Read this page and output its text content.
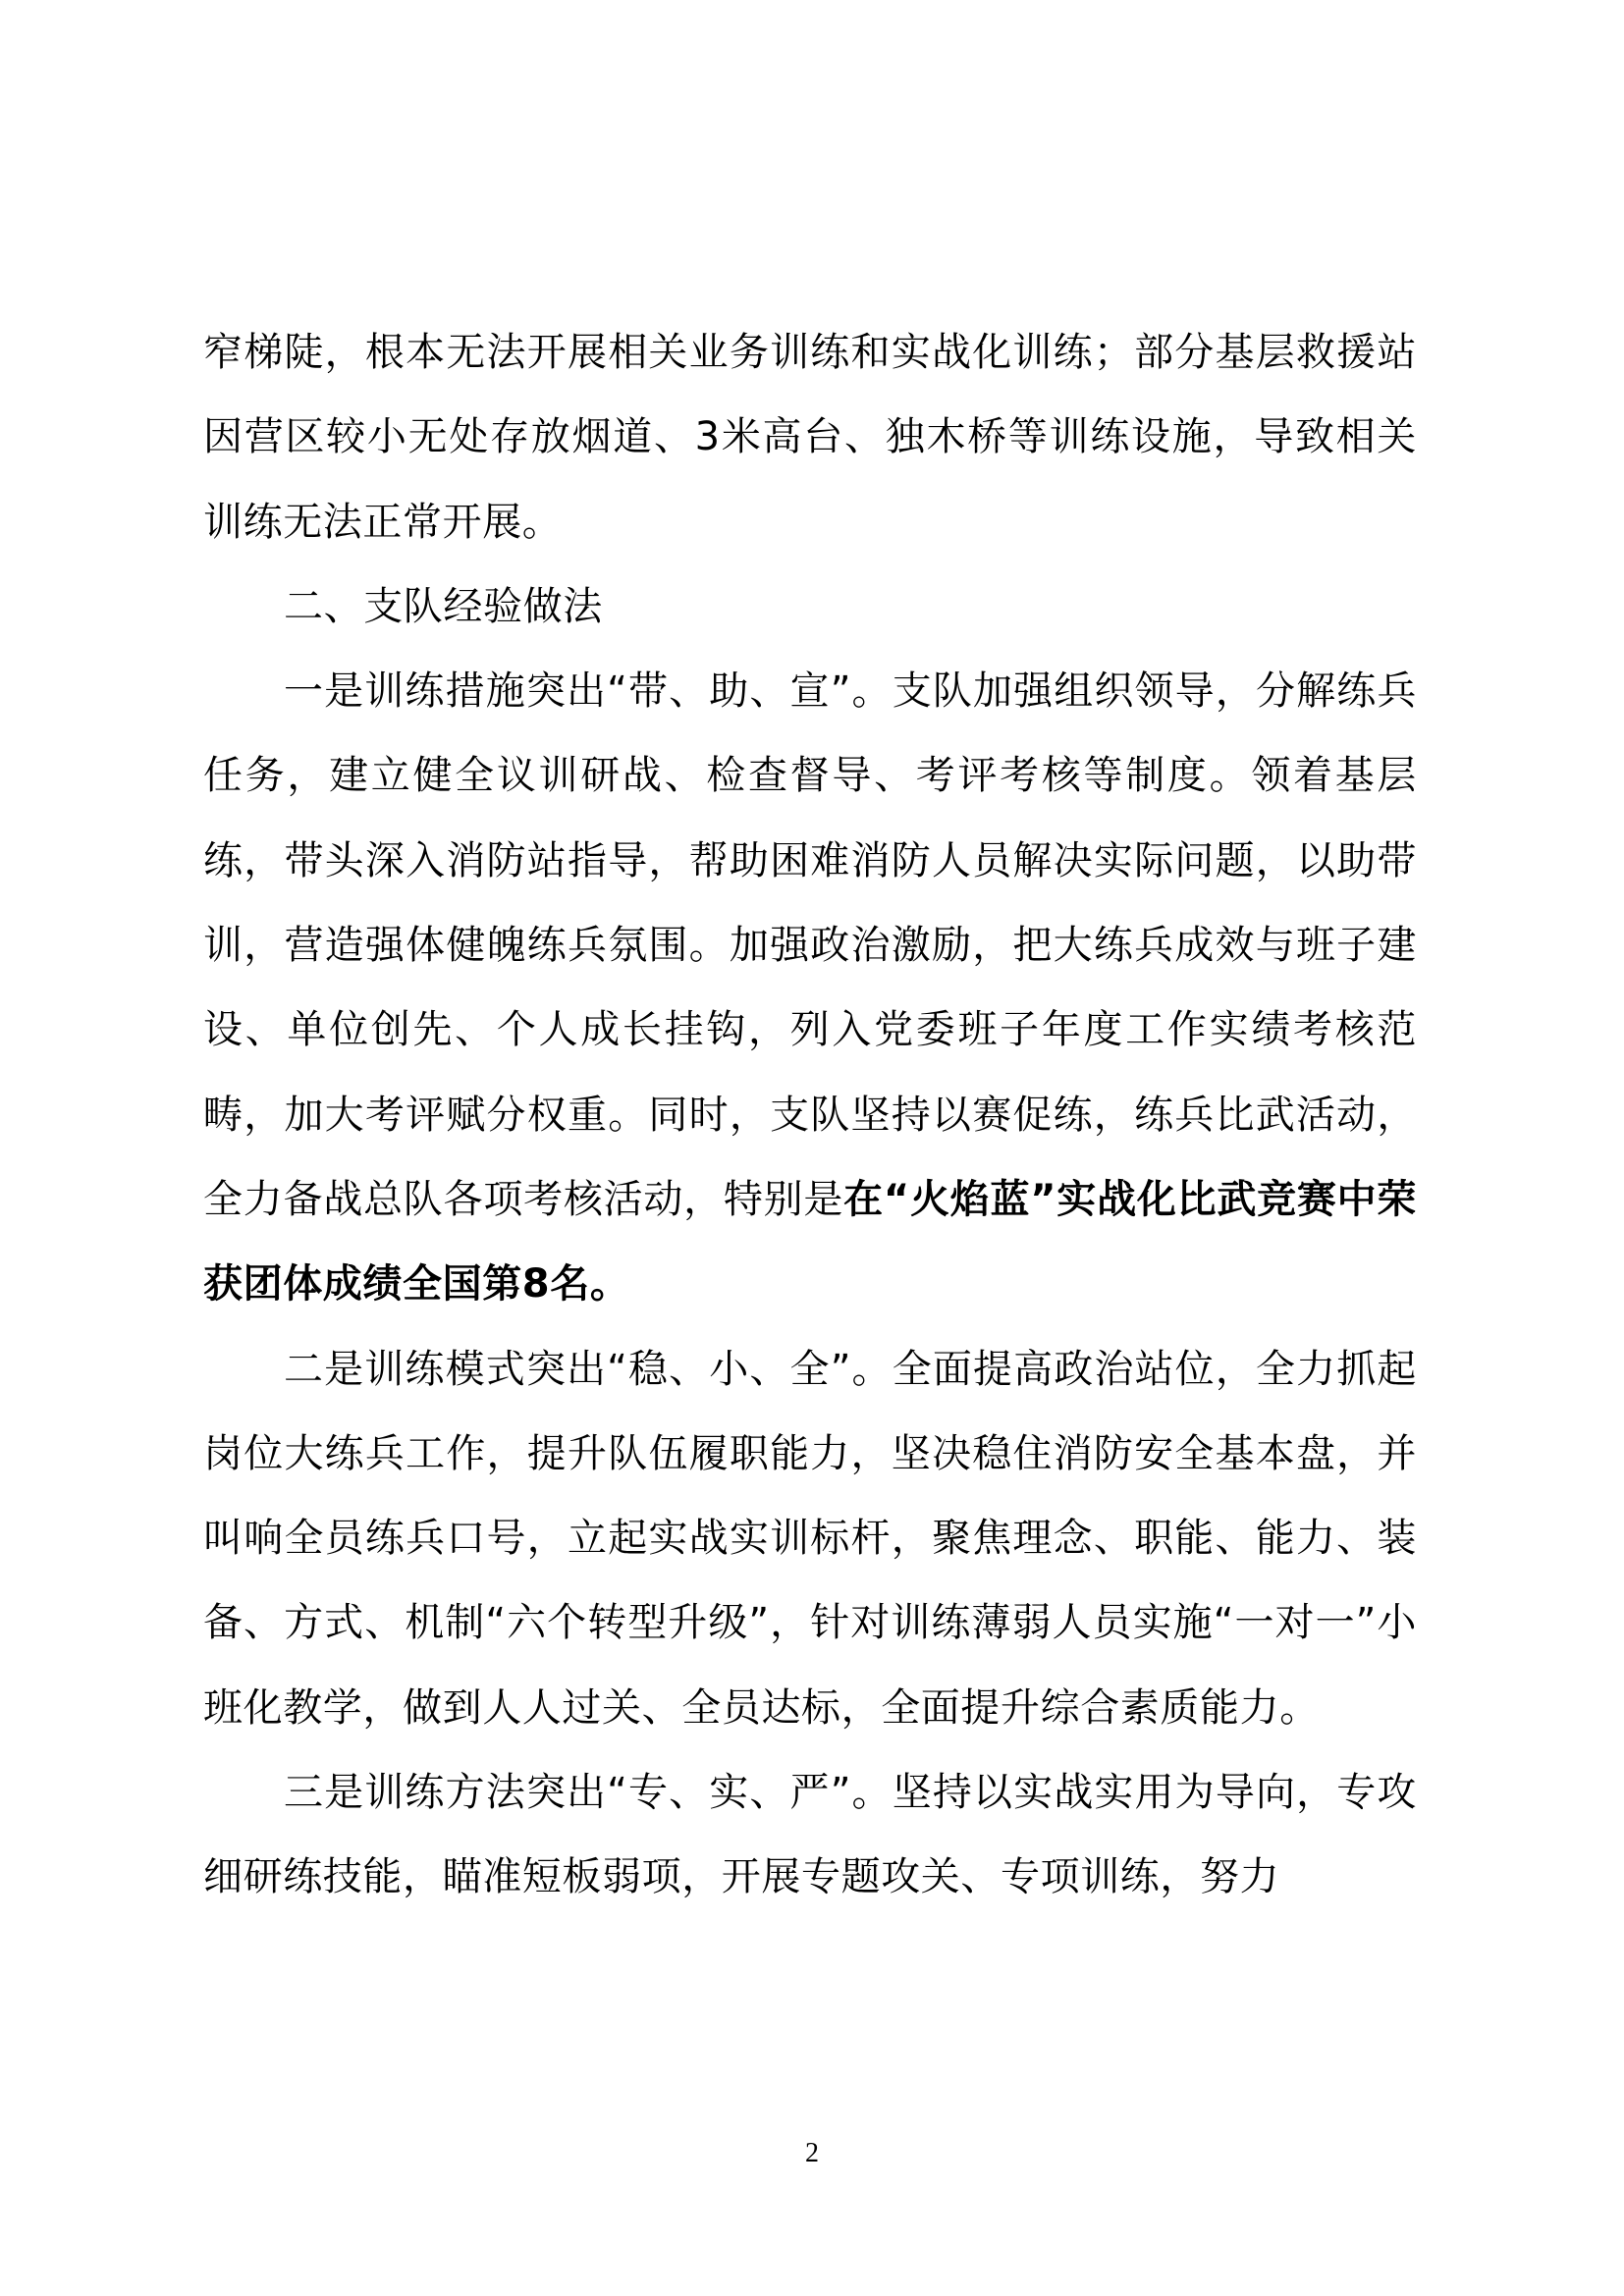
窄梯陡，根本无法开展相关业务训练和实战化训练；部分基层救援站因营区较小无处存放烟道、3米高台、独木桥等训练设施，导致相关训练无法正常开展。

二、支队经验做法

一是训练措施突出“带、助、宣”。支队加强组织领导，分解练兵任务，建立健全议训研战、检查督导、考评考核等制度。领着基层练，带头深入消防站指导，帮助困难消防人员解决实际问题，以助带训，营造强体健魄练兵氛围。加强政治激励，把大练兵成效与班子建设、单位创先、个人成长挂钩，列入党委班子年度工作实绩考核范畴，加大考评赋分权重。同时，支队坚持以赛促练，练兵比武活动，全力备战总队各项考核活动，特别是在“火焰蓝”实战化比武竞赛中荣获团体成绩全国第8名。

二是训练模式突出“稳、小、全”。全面提高政治站位，全力抓起岗位大练兵工作，提升队伍履职能力，坚决稳住消防安全基本盘，并叫响全员练兵口号，立起实战实训标杆，聚焦理念、职能、能力、装备、方式、机制“六个转型升级”，针对训练薄弱人员实施“一对一”小班化教学，做到人人过关、全员达标，全面提升综合素质能力。

三是训练方法突出“专、实、严”。坚持以实战实用为导向，专攻细研练技能，瞄准短板弱项，开展专题攻关、专项训练，努力

2
